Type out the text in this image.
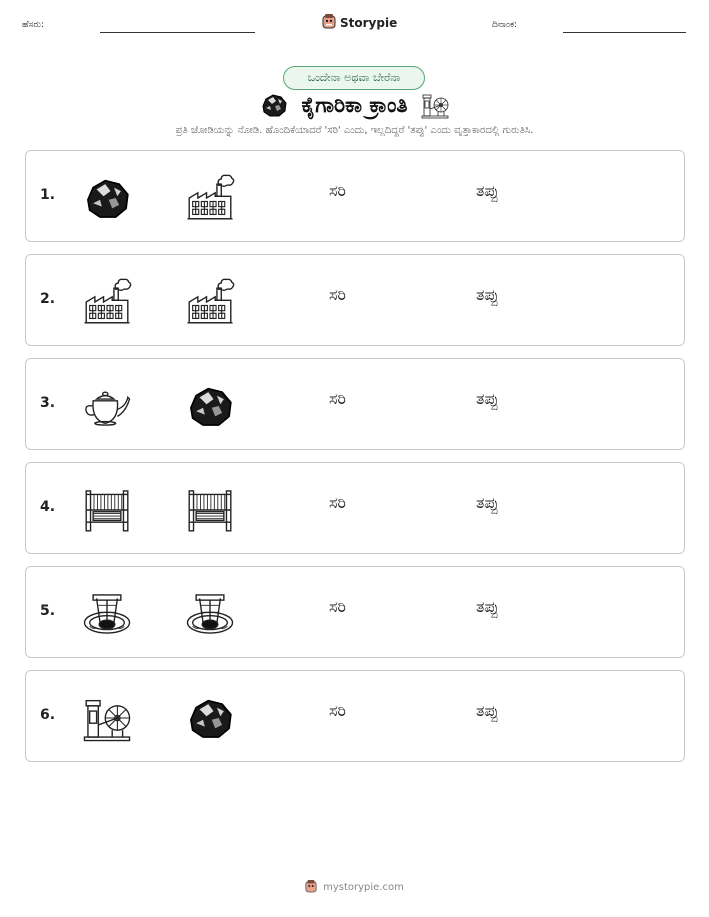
ಹೆಸರು:	Storypie	ದಿನಾಂಕ:
ಒಂದೇನಾ ಅಥವಾ ಬೇರೆನಾ
ಕೈಗಾರಿಕಾ ಕ್ರಾಂತಿ
ಪ್ರತಿ ಜೋಡಿಯನ್ನು ನೋಡಿ. ಹೊಂದಿಕೆಯಾದರೆ 'ಸರಿ' ಎಂದು, ಇಲ್ಲದಿದ್ದರೆ 'ತಪ್ಪು' ಎಂದು ವೃತ್ತಾಕಾರದಲ್ಲಿ ಗುರುತಿಸಿ.
1.	ಸರಿ	ತಪ್ಪು
2.	ಸರಿ	ತಪ್ಪು
3.	ಸರಿ	ತಪ್ಪು
4.	ಸರಿ	ತಪ್ಪು
5.	ಸರಿ	ತಪ್ಪು
6.	ಸರಿ	ತಪ್ಪು
mystorypie.com
